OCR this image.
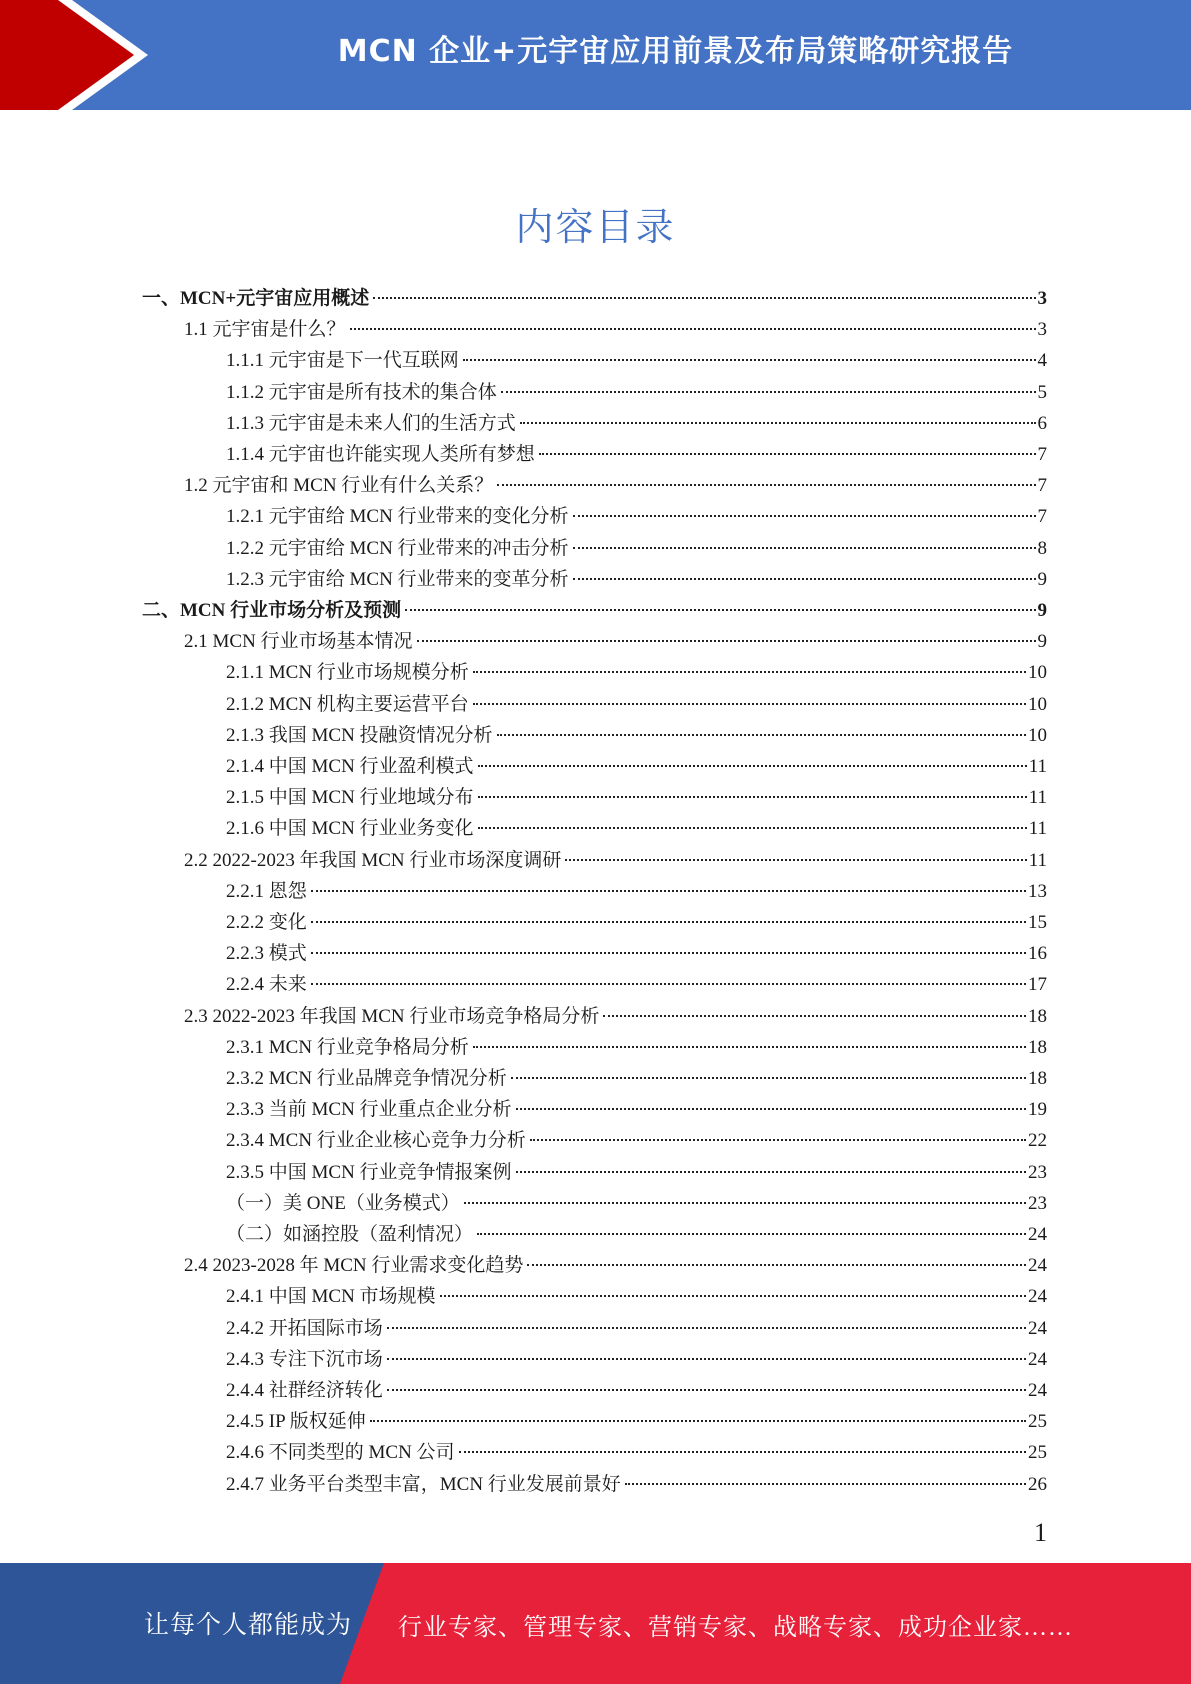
MCN 企业+元宇宙应用前景及布局策略研究报告
内容目录
一、MCN+元宇宙应用概述	3
1.1 元宇宙是什么？	3
1.1.1 元宇宙是下一代互联网	4
1.1.2 元宇宙是所有技术的集合体	5
1.1.3 元宇宙是未来人们的生活方式	6
1.1.4 元宇宙也许能实现人类所有梦想	7
1.2 元宇宙和 MCN 行业有什么关系？	7
1.2.1 元宇宙给 MCN 行业带来的变化分析	7
1.2.2 元宇宙给 MCN 行业带来的冲击分析	8
1.2.3 元宇宙给 MCN 行业带来的变革分析	9
二、MCN 行业市场分析及预测	9
2.1 MCN 行业市场基本情况	9
2.1.1 MCN 行业市场规模分析	10
2.1.2 MCN 机构主要运营平台	10
2.1.3 我国 MCN 投融资情况分析	10
2.1.4 中国 MCN 行业盈利模式	11
2.1.5 中国 MCN 行业地域分布	11
2.1.6 中国 MCN 行业业务变化	11
2.2 2022-2023 年我国 MCN 行业市场深度调研	11
2.2.1 恩怨	13
2.2.2 变化	15
2.2.3 模式	16
2.2.4 未来	17
2.3 2022-2023 年我国 MCN 行业市场竞争格局分析	18
2.3.1 MCN 行业竞争格局分析	18
2.3.2 MCN 行业品牌竞争情况分析	18
2.3.3 当前 MCN 行业重点企业分析	19
2.3.4 MCN 行业企业核心竞争力分析	22
2.3.5 中国 MCN 行业竞争情报案例	23
（一）美 ONE（业务模式）	23
（二）如涵控股（盈利情况）	24
2.4 2023-2028 年 MCN 行业需求变化趋势	24
2.4.1 中国 MCN 市场规模	24
2.4.2 开拓国际市场	24
2.4.3 专注下沉市场	24
2.4.4 社群经济转化	24
2.4.5 IP 版权延伸	25
2.4.6 不同类型的 MCN 公司	25
2.4.7 业务平台类型丰富，MCN 行业发展前景好	26
1
让每个人都能成为 行业专家、管理专家、营销专家、战略专家、成功企业家……
